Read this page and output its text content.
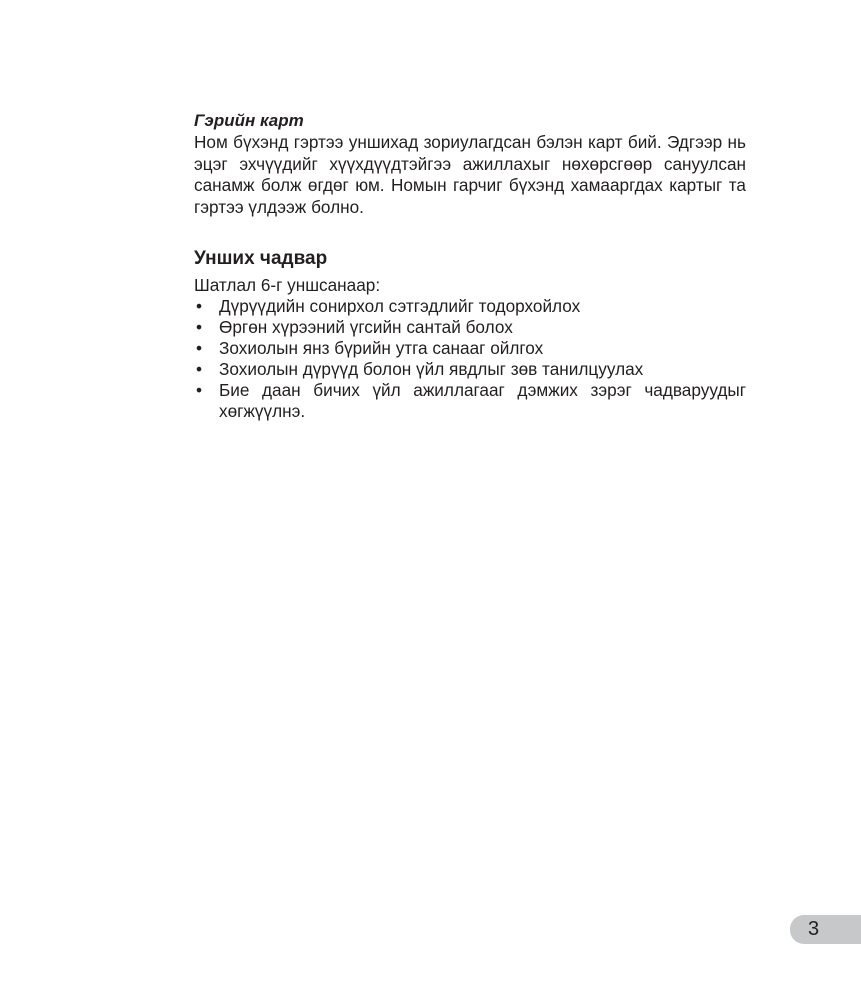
Гэрийн карт

Ном бүхэнд гэртээ уншихад зориулагдсан бэлэн карт бий. Эдгээр нь эцэг эхчүүдийг хүүхдүүдтэйгээ ажиллахыг нөхөрсгөөр сануулсан санамж болж өгдөг юм. Номын гарчиг бүхэнд хамааргдах картыг та гэртээ үлдээж болно.

Унших чадвар

Шатлал 6-г уншсанаар:

• Дүрүүдийн сонирхол сэтгэдлийг тодорхойлох
• Өргөн хүрээний үгсийн сантай болох
• Зохиолын янз бүрийн утга санааг ойлгох
• Зохиолын дүрүүд болон үйл явдлыг зөв танилцуулах
• Бие даан бичих үйл ажиллагааг дэмжих зэрэг чадваруудыг хөгжүүлнэ.
3
